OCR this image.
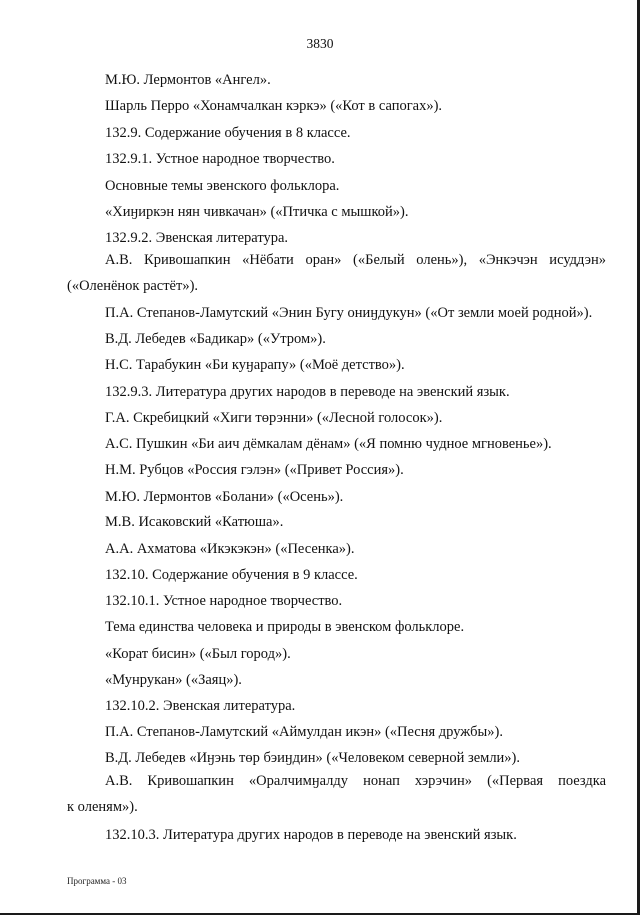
3830
М.Ю. Лермонтов «Ангел».
Шарль Перро «Хонамчалкан кэркэ» («Кот в сапогах»).
132.9. Содержание обучения в 8 классе.
132.9.1. Устное народное творчество.
Основные темы эвенского фольклора.
«Хиӈиркэн нян чивкачан» («Птичка с мышкой»).
132.9.2. Эвенская литература.
А.В. Кривошапкин «Нёбати оран» («Белый олень»), «Энкэчэн исуддэн»
(«Оленёнок растёт»).
П.А. Степанов-Ламутский «Энин Бугу ониӈдукун» («От земли моей родной»).
В.Д. Лебедев «Бадикар» («Утром»).
Н.С. Тарабукин «Би куӈарапу» («Моё детство»).
132.9.3. Литература других народов в переводе на эвенский язык.
Г.А. Скребицкий «Хиги төрэнни» («Лесной голосок»).
А.С. Пушкин «Би аич дёмкалам дёнам» («Я помню чудное мгновенье»).
Н.М. Рубцов «Россия гэлэн» («Привет Россия»).
М.Ю. Лермонтов «Болани» («Осень»).
М.В. Исаковский «Катюша».
А.А. Ахматова «Икэкэкэн» («Песенка»).
132.10. Содержание обучения в 9 классе.
132.10.1. Устное народное творчество.
Тема единства человека и природы в эвенском фольклоре.
«Корат бисин» («Был город»).
«Мунрукан» («Заяц»).
132.10.2. Эвенская литература.
П.А. Степанов-Ламутский «Аймулдан икэн» («Песня дружбы»).
В.Д. Лебедев «Иӈэнь төр бэиӈдин» («Человеком северной земли»).
А.В. Кривошапкин «Оралчимӈалду нонап хэрэчин» («Первая поездка
к оленям»).
132.10.3. Литература других народов в переводе на эвенский язык.
Программа - 03
